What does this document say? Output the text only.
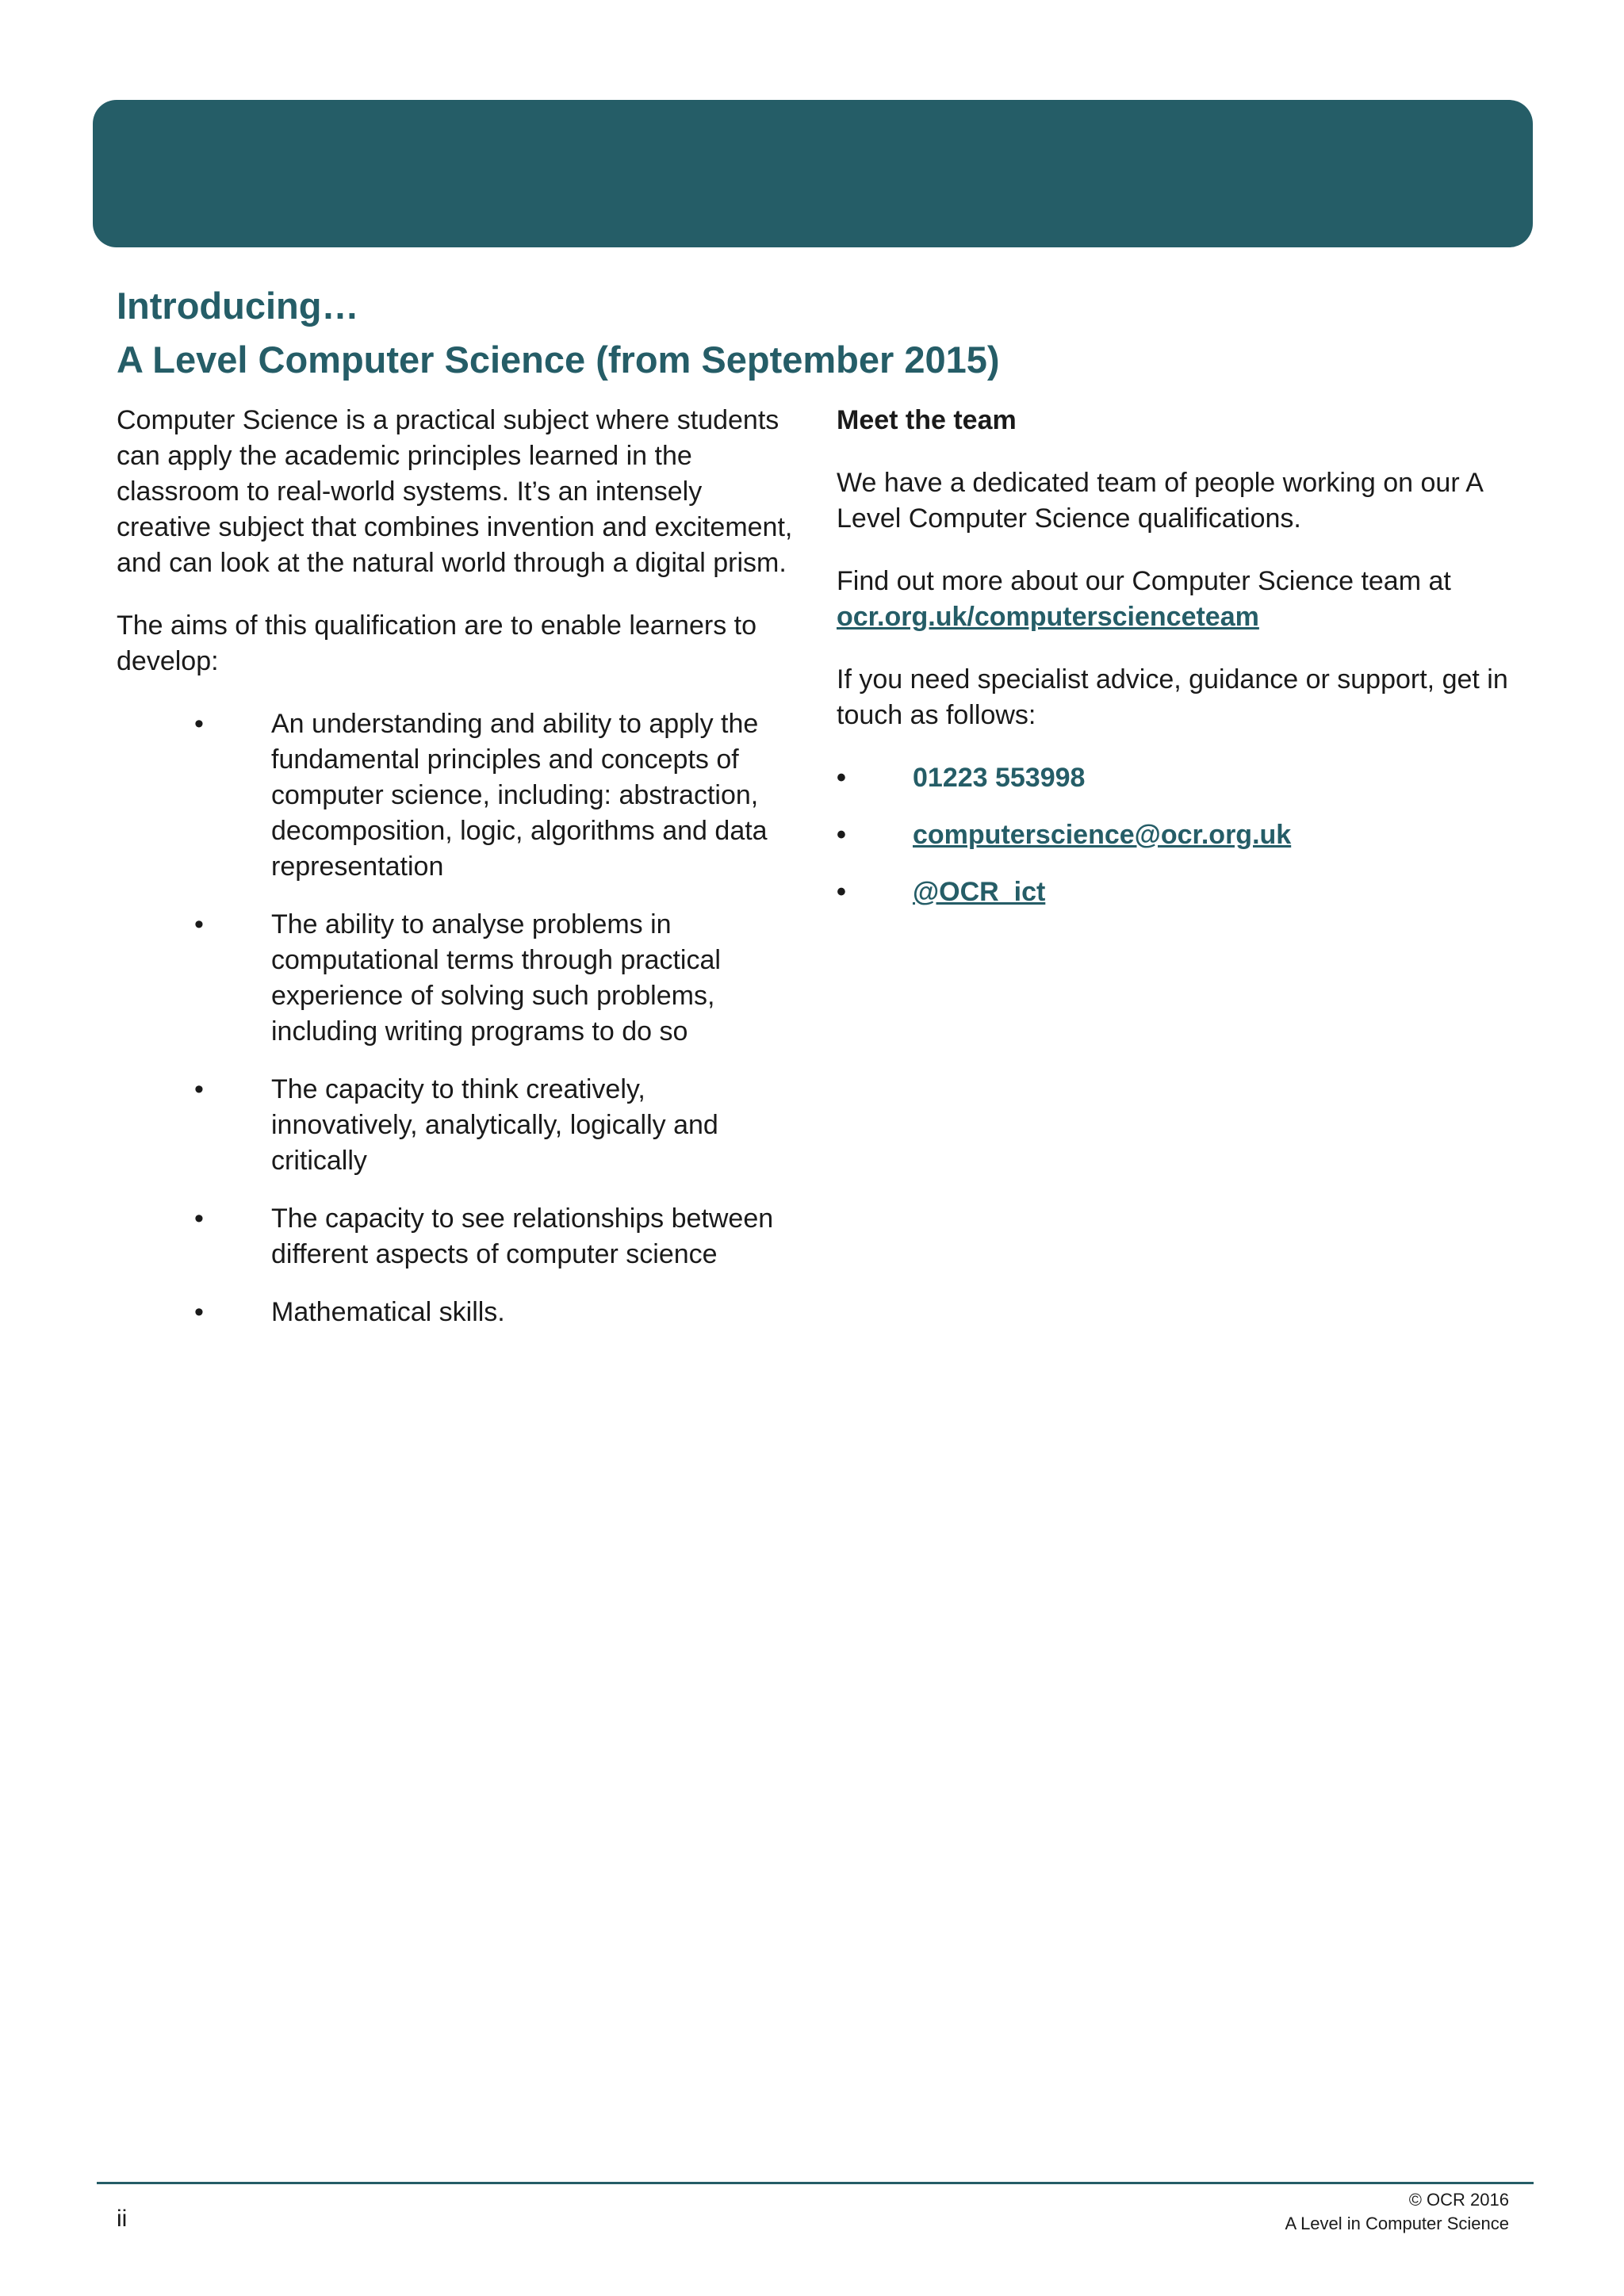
Introducing…
A Level Computer Science (from September 2015)

Computer Science is a practical subject where students can apply the academic principles learned in the classroom to real-world systems. It’s an intensely creative subject that combines invention and excitement, and can look at the natural world through a digital prism.

The aims of this qualification are to enable learners to develop:

•	An understanding and ability to apply the fundamental principles and concepts of computer science, including: abstraction, decomposition, logic, algorithms and data representation
•	The ability to analyse problems in computational terms through practical experience of solving such problems, including writing programs to do so
•	The capacity to think creatively, innovatively, analytically, logically and critically
•	The capacity to see relationships between different aspects of computer science
•	Mathematical skills.

Meet the team

We have a dedicated team of people working on our A Level Computer Science qualifications.

Find out more about our Computer Science team at
ocr.org.uk/computerscienceteam

If you need specialist advice, guidance or support, get in touch as follows:

• 01223 553998
• computerscience@ocr.org.uk
• @OCR_ict
ii
© OCR 2016
A Level in Computer Science
